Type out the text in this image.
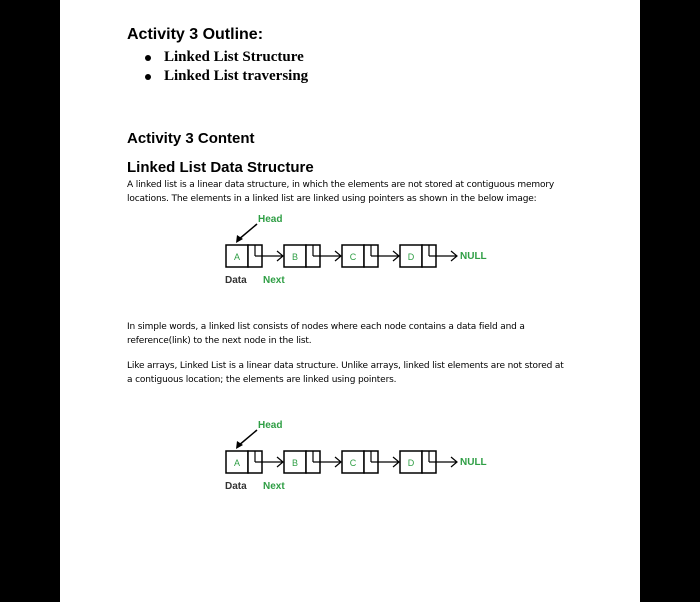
Activity 3 Outline:
Linked List Structure
Linked List traversing
Activity 3 Content
Linked List Data Structure
A linked list is a linear data structure, in which the elements are not stored at contiguous memory locations. The elements in a linked list are linked using pointers as shown in the below image:
Head
A	B	C	D	NULL
Data Next
In simple words, a linked list consists of nodes where each node contains a data field and a reference(link) to the next node in the list.
Like arrays, Linked List is a linear data structure. Unlike arrays, linked list elements are not stored at a contiguous location; the elements are linked using pointers.
Head
A	B	C	D	NULL
Data Next
